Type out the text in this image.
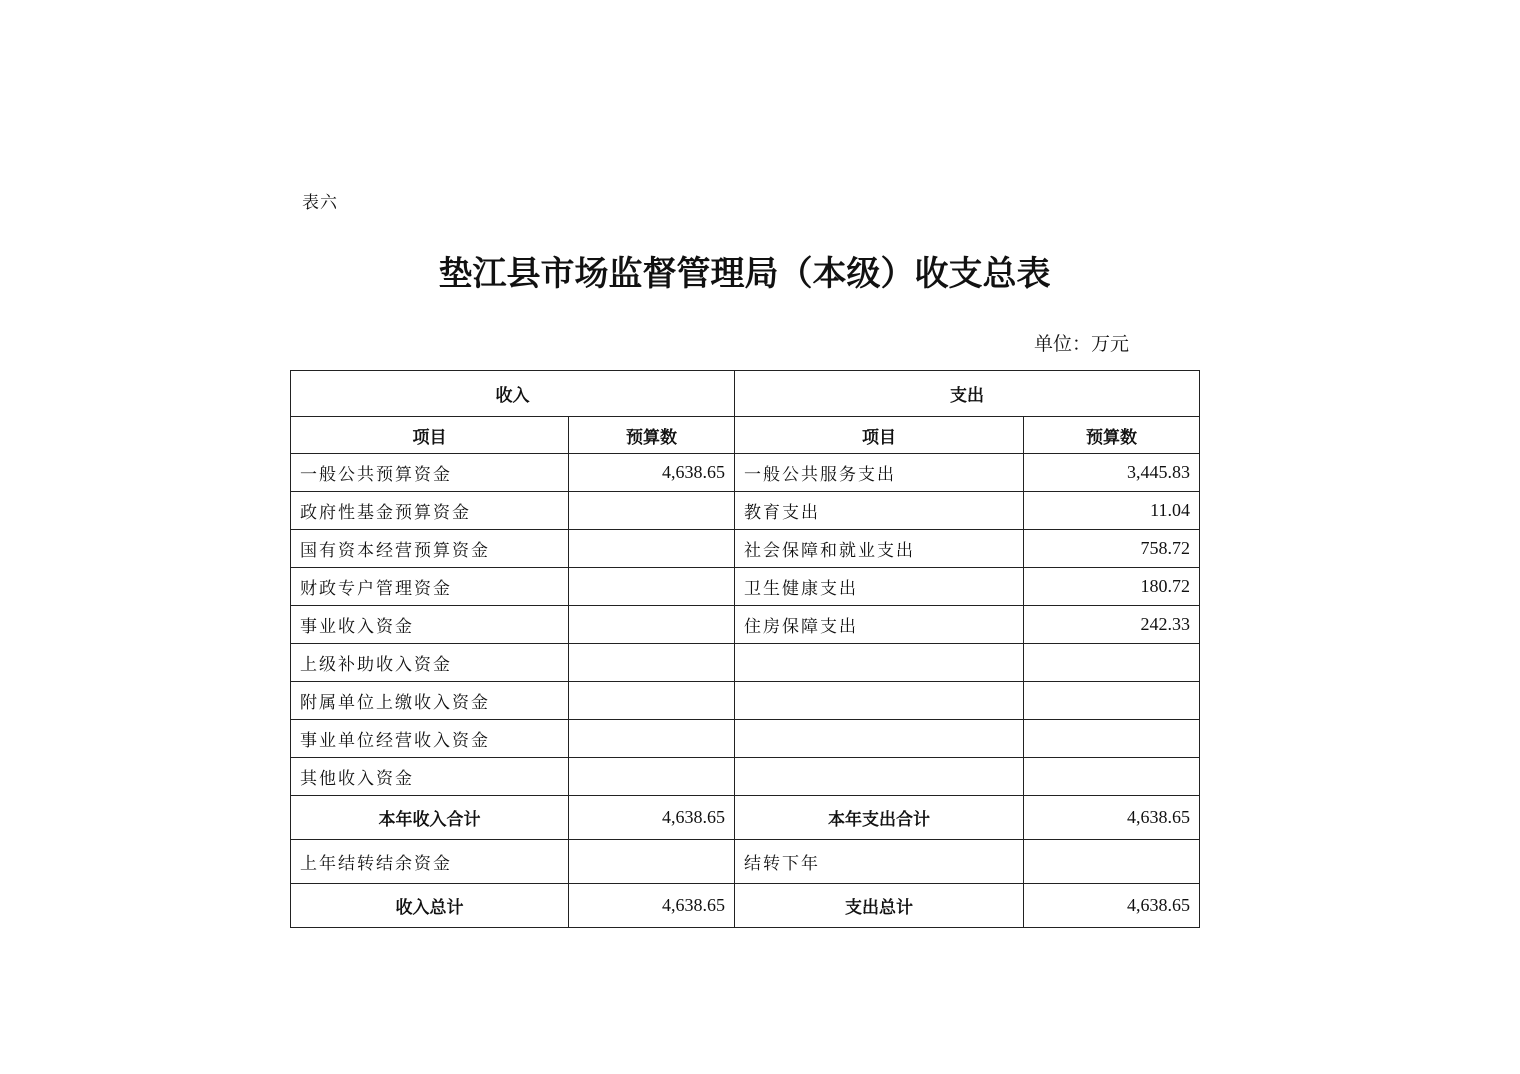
表六
垫江县市场监督管理局（本级）收支总表
单位：万元
收入		支出	
项目	预算数	项目	预算数
一般公共预算资金	4,638.65	一般公共服务支出	3,445.83
政府性基金预算资金		教育支出	11.04
国有资本经营预算资金		社会保障和就业支出	758.72
财政专户管理资金		卫生健康支出	180.72
事业收入资金		住房保障支出	242.33
上级补助收入资金			
附属单位上缴收入资金			
事业单位经营收入资金			
其他收入资金			
本年收入合计	4,638.65	本年支出合计	4,638.65
上年结转结余资金		结转下年	
收入总计	4,638.65	支出总计	4,638.65
